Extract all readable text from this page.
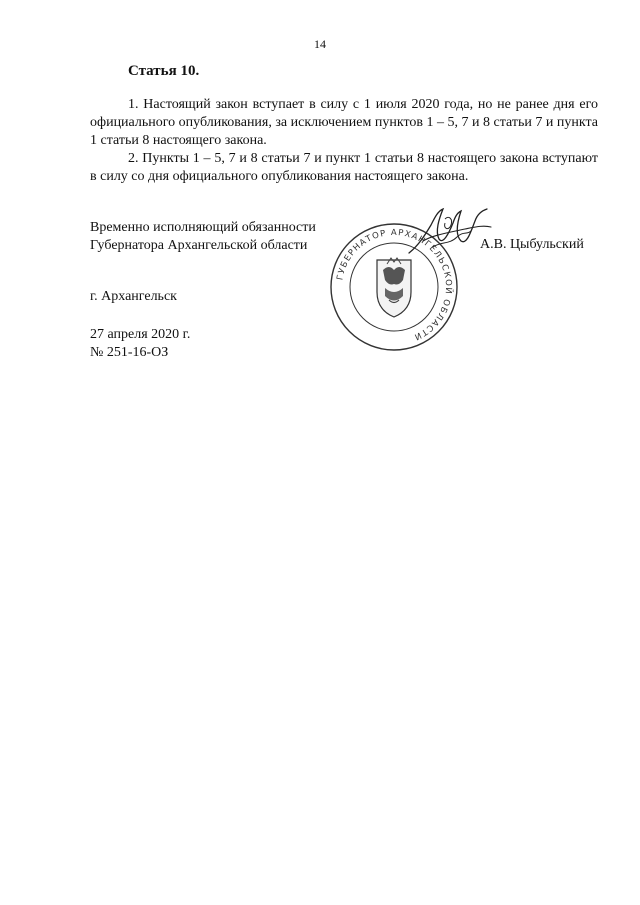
14
Статья 10.

1. Настоящий закон вступает в силу с 1 июля 2020 года, но не ранее дня его официального опубликования, за исключением пунктов 1 – 5, 7 и 8 статьи 7 и пункта 1 статьи 8 настоящего закона.

2. Пункты 1 – 5, 7 и 8 статьи 7 и пункт 1 статьи 8 настоящего закона вступают в силу со дня официального опубликования настоящего закона.

Временно исполняющий обязанности
Губернатора Архангельской области
ГУБЕРНАТОР АРХАНГЕЛЬСКОЙ ОБЛАСТИ
А.В. Цыбульский
г. Архангельск
27 апреля 2020 г.
№ 251-16-ОЗ
